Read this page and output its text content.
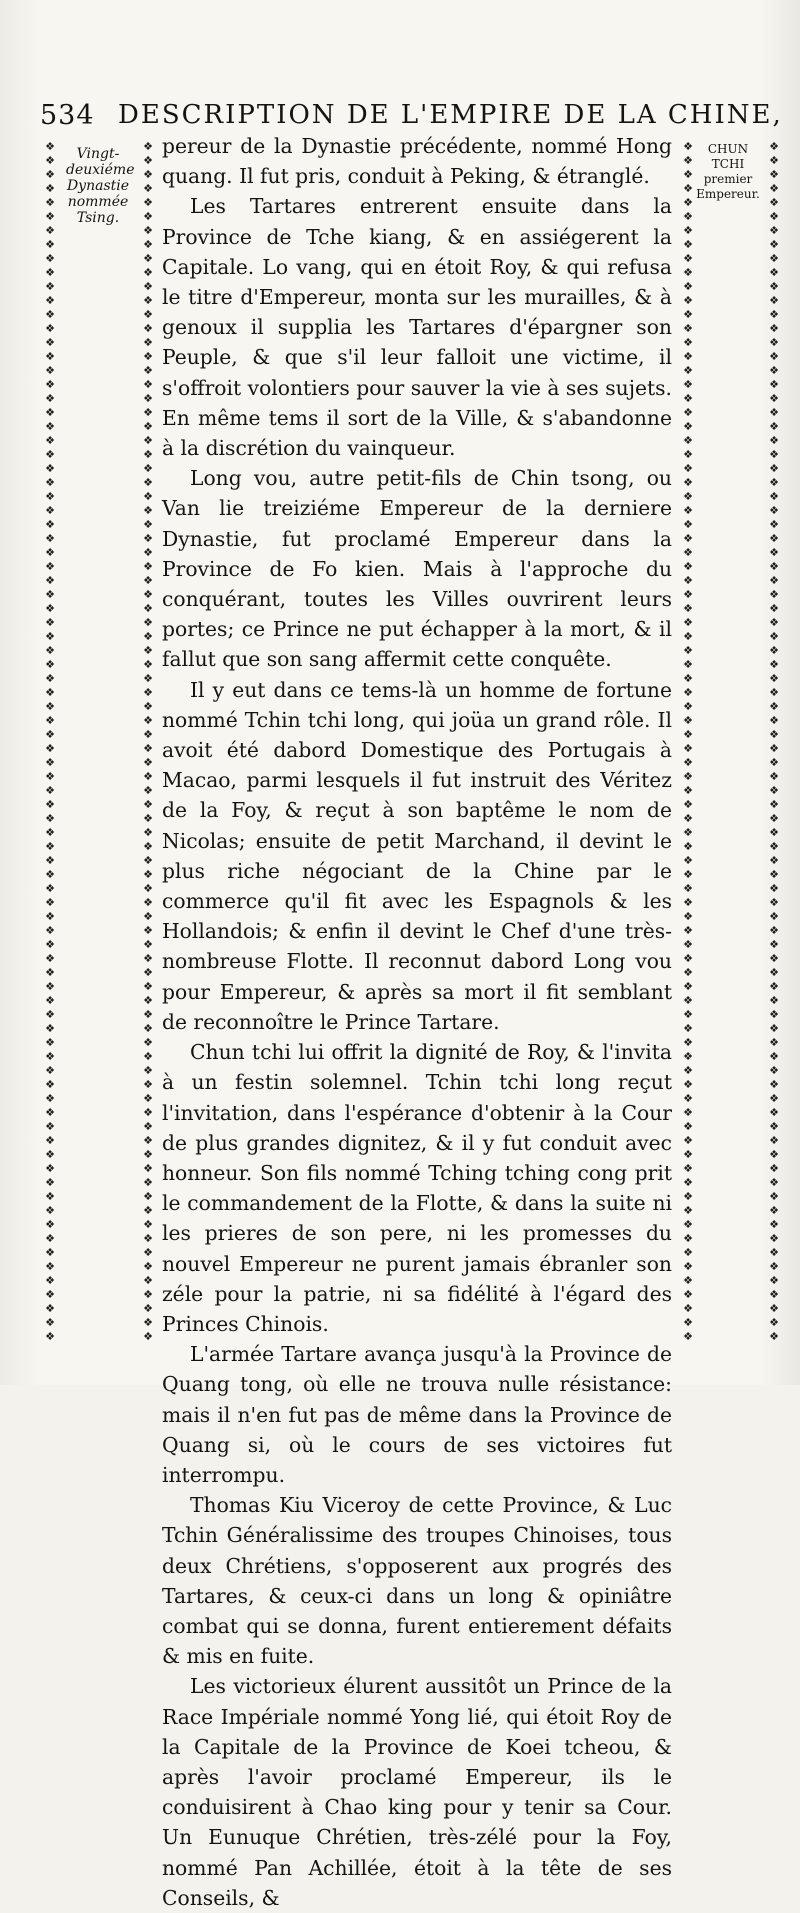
534 DESCRIPTION DE L'EMPIRE DE LA CHINE,
❖❖❖❖❖❖❖❖❖❖❖❖❖❖❖❖❖❖❖❖❖❖❖❖❖❖❖❖❖❖❖❖❖❖❖❖❖❖❖❖❖❖❖❖❖❖❖❖❖❖❖❖❖❖❖❖❖❖❖❖❖❖❖❖❖❖❖❖❖❖❖❖❖❖❖❖❖❖❖❖❖❖❖❖❖❖
❖❖❖❖❖❖❖❖❖❖❖❖❖❖❖❖❖❖❖❖❖❖❖❖❖❖❖❖❖❖❖❖❖❖❖❖❖❖❖❖❖❖❖❖❖❖❖❖❖❖❖❖❖❖❖❖❖❖❖❖❖❖❖❖❖❖❖❖❖❖❖❖❖❖❖❖❖❖❖❖❖❖❖❖❖❖
❖❖❖❖❖❖❖❖❖❖❖❖❖❖❖❖❖❖❖❖❖❖❖❖❖❖❖❖❖❖❖❖❖❖❖❖❖❖❖❖❖❖❖❖❖❖❖❖❖❖❖❖❖❖❖❖❖❖❖❖❖❖❖❖❖❖❖❖❖❖❖❖❖❖❖❖❖❖❖❖❖❖❖❖❖❖
❖❖❖❖❖❖❖❖❖❖❖❖❖❖❖❖❖❖❖❖❖❖❖❖❖❖❖❖❖❖❖❖❖❖❖❖❖❖❖❖❖❖❖❖❖❖❖❖❖❖❖❖❖❖❖❖❖❖❖❖❖❖❖❖❖❖❖❖❖❖❖❖❖❖❖❖❖❖❖❖❖❖❖❖❖❖
Vingt-deuxiéme Dynastie nommée Tsing.
CHUN TCHI premier Empereur.

pereur de la Dynastie précédente, nommé Hong quang. Il fut pris, conduit à Peking, & étranglé.

Les Tartares entrerent ensuite dans la Province de Tche kiang, & en assiégerent la Capitale. Lo vang, qui en étoit Roy, & qui refusa le titre d'Empereur, monta sur les murailles, & à genoux il supplia les Tartares d'épargner son Peuple, & que s'il leur falloit une victime, il s'offroit volontiers pour sauver la vie à ses sujets. En même tems il sort de la Ville, & s'abandonne à la discrétion du vainqueur.

Long vou, autre petit-fils de Chin tsong, ou Van lie treiziéme Empereur de la derniere Dynastie, fut proclamé Empereur dans la Province de Fo kien. Mais à l'approche du conquérant, toutes les Villes ouvrirent leurs portes; ce Prince ne put échapper à la mort, & il fallut que son sang affermit cette conquête.

Il y eut dans ce tems-là un homme de fortune nommé Tchin tchi long, qui joüa un grand rôle. Il avoit été dabord Domestique des Portugais à Macao, parmi lesquels il fut instruit des Véritez de la Foy, & reçut à son baptême le nom de Nicolas; ensuite de petit Marchand, il devint le plus riche négociant de la Chine par le commerce qu'il fit avec les Espagnols & les Hollandois; & enfin il devint le Chef d'une très-nombreuse Flotte. Il reconnut dabord Long vou pour Empereur, & après sa mort il fit semblant de reconnoître le Prince Tartare.

Chun tchi lui offrit la dignité de Roy, & l'invita à un festin solemnel. Tchin tchi long reçut l'invitation, dans l'espérance d'obtenir à la Cour de plus grandes dignitez, & il y fut conduit avec honneur. Son fils nommé Tching tching cong prit le commandement de la Flotte, & dans la suite ni les prieres de son pere, ni les promesses du nouvel Empereur ne purent jamais ébranler son zéle pour la patrie, ni sa fidélité à l'égard des Princes Chinois.

L'armée Tartare avança jusqu'à la Province de Quang tong, où elle ne trouva nulle résistance: mais il n'en fut pas de même dans la Province de Quang si, où le cours de ses victoires fut interrompu.

Thomas Kiu Viceroy de cette Province, & Luc Tchin Généralissime des troupes Chinoises, tous deux Chrétiens, s'opposerent aux progrés des Tartares, & ceux-ci dans un long & opiniâtre combat qui se donna, furent entierement défaits & mis en fuite.

Les victorieux élurent aussitôt un Prince de la Race Impériale nommé Yong lié, qui étoit Roy de la Capitale de la Province de Koei tcheou, & après l'avoir proclamé Empereur, ils le conduisirent à Chao king pour y tenir sa Cour. Un Eunuque Chrétien, très-zélé pour la Foy, nommé Pan Achillée, étoit à la tête de ses Conseils, &
